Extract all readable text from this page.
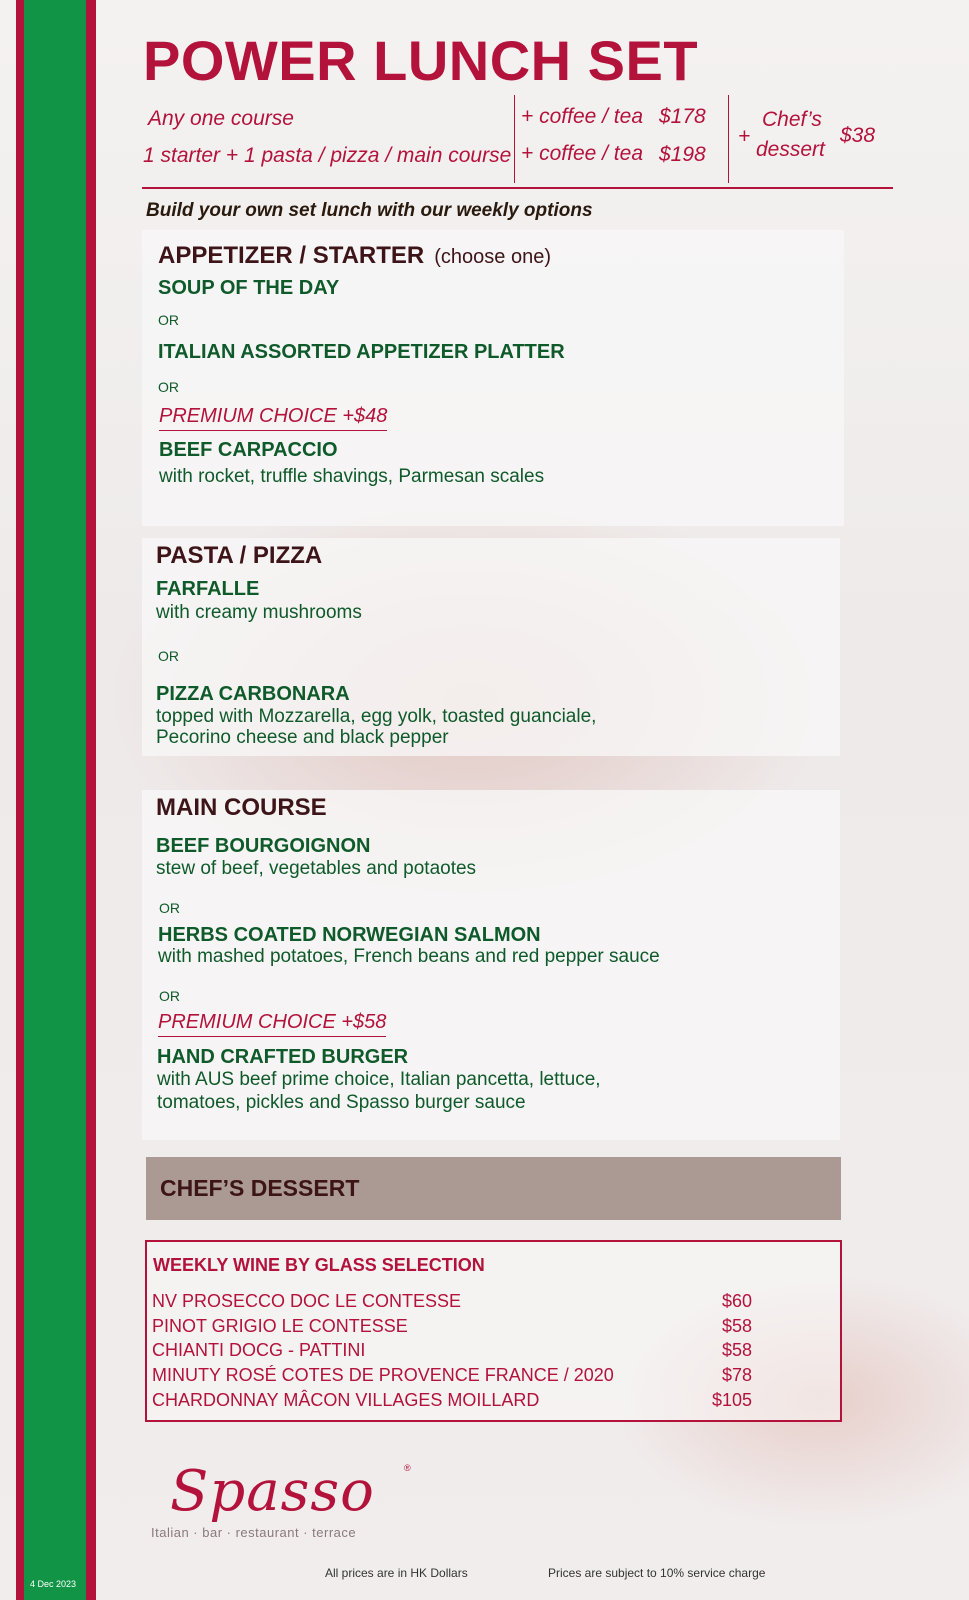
4 Dec 2023
POWER LUNCH SET
Any one course	+ coffee / tea $178
1 starter + 1 pasta / pizza / main course + coffee / tea $198
+
Chef’s
dessert
$38
Build your own set lunch with our weekly options
APPETIZER / STARTER (choose one)
SOUP OF THE DAY
OR
ITALIAN ASSORTED APPETIZER PLATTER
OR
PREMIUM CHOICE +$48
BEEF CARPACCIO
with rocket, truffle shavings, Parmesan scales
PASTA / PIZZA
FARFALLE
with creamy mushrooms
OR
PIZZA CARBONARA
topped with Mozzarella, egg yolk, toasted guanciale,
Pecorino cheese and black pepper
MAIN COURSE
BEEF BOURGOIGNON
stew of beef, vegetables and potaotes
OR
HERBS COATED NORWEGIAN SALMON
with mashed potatoes, French beans and red pepper sauce
OR
PREMIUM CHOICE +$58
HAND CRAFTED BURGER
with AUS beef prime choice, Italian pancetta, lettuce,
tomatoes, pickles and Spasso burger sauce
CHEF’S DESSERT
WEEKLY WINE BY GLASS SELECTION
NV PROSECCO DOC LE CONTESSE	$60
PINOT GRIGIO LE CONTESSE	$58
CHIANTI DOCG - PATTINI	$58
MINUTY ROSÉ COTES DE PROVENCE FRANCE / 2020	$78
CHARDONNAY MÂCON VILLAGES MOILLARD	$105
Spasso	®
Italian · bar · restaurant · terrace
All prices are in HK Dollars	Prices are subject to 10% service charge
